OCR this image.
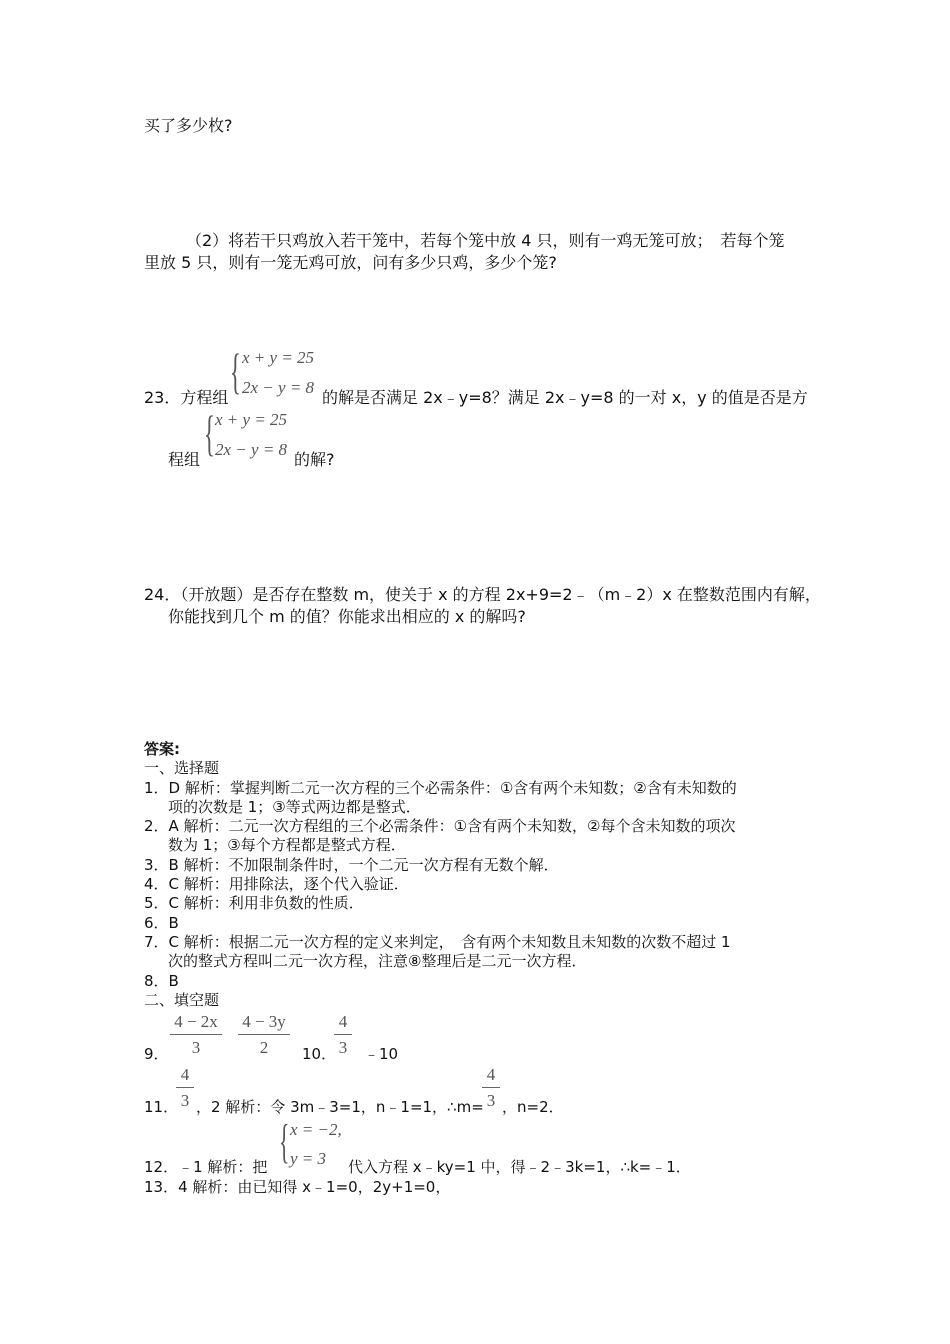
买了多少枚?
（2）将若干只鸡放入若干笼中，若每个笼中放 4 只，则有一鸡无笼可放；　若每个笼
里放 5 只，则有一笼无鸡可放，问有多少只鸡，多少个笼?
23．方程组 { x + y = 25
2x − y = 8
的解是否满足 2x﹣y=8？满足 2x﹣y=8 的一对 x，y 的值是否是方
程组 { x + y = 25
2x − y = 8
的解?
24．（开放题）是否存在整数 m，使关于 x 的方程 2x+9=2﹣（m﹣2）x 在整数范围内有解，
你能找到几个 m 的值？你能求出相应的 x 的解吗?
答案:
一、选择题
1．D 解析：掌握判断二元一次方程的三个必需条件：①含有两个未知数；②含有未知数的
项的次数是 1；③等式两边都是整式．
2．A 解析：二元一次方程组的三个必需条件：①含有两个未知数，②每个含未知数的项次
数为 1；③每个方程都是整式方程．
3．B 解析：不加限制条件时，一个二元一次方程有无数个解．
4．C 解析：用排除法，逐个代入验证．
5．C 解析：利用非负数的性质．
6．B
7．C 解析：根据二元一次方程的定义来判定，　含有两个未知数且未知数的次数不超过 1
次的整式方程叫二元一次方程，注意⑧整理后是二元一次方程．
8．B
二、填空题
9．
4 − 2x
3
4 − 3y
2	10．
4
3	﹣10
11．
4
3 ，2 解析：令 3m﹣3=1，n﹣1=1，∴m=
4
3 ，n=2．
12．﹣1 解析：把 { x = −2,
y = 3 代入方程 x﹣ky=1 中，得﹣2﹣3k=1，∴k=﹣1．
13．4 解析：由已知得 x﹣1=0，2y+1=0，
